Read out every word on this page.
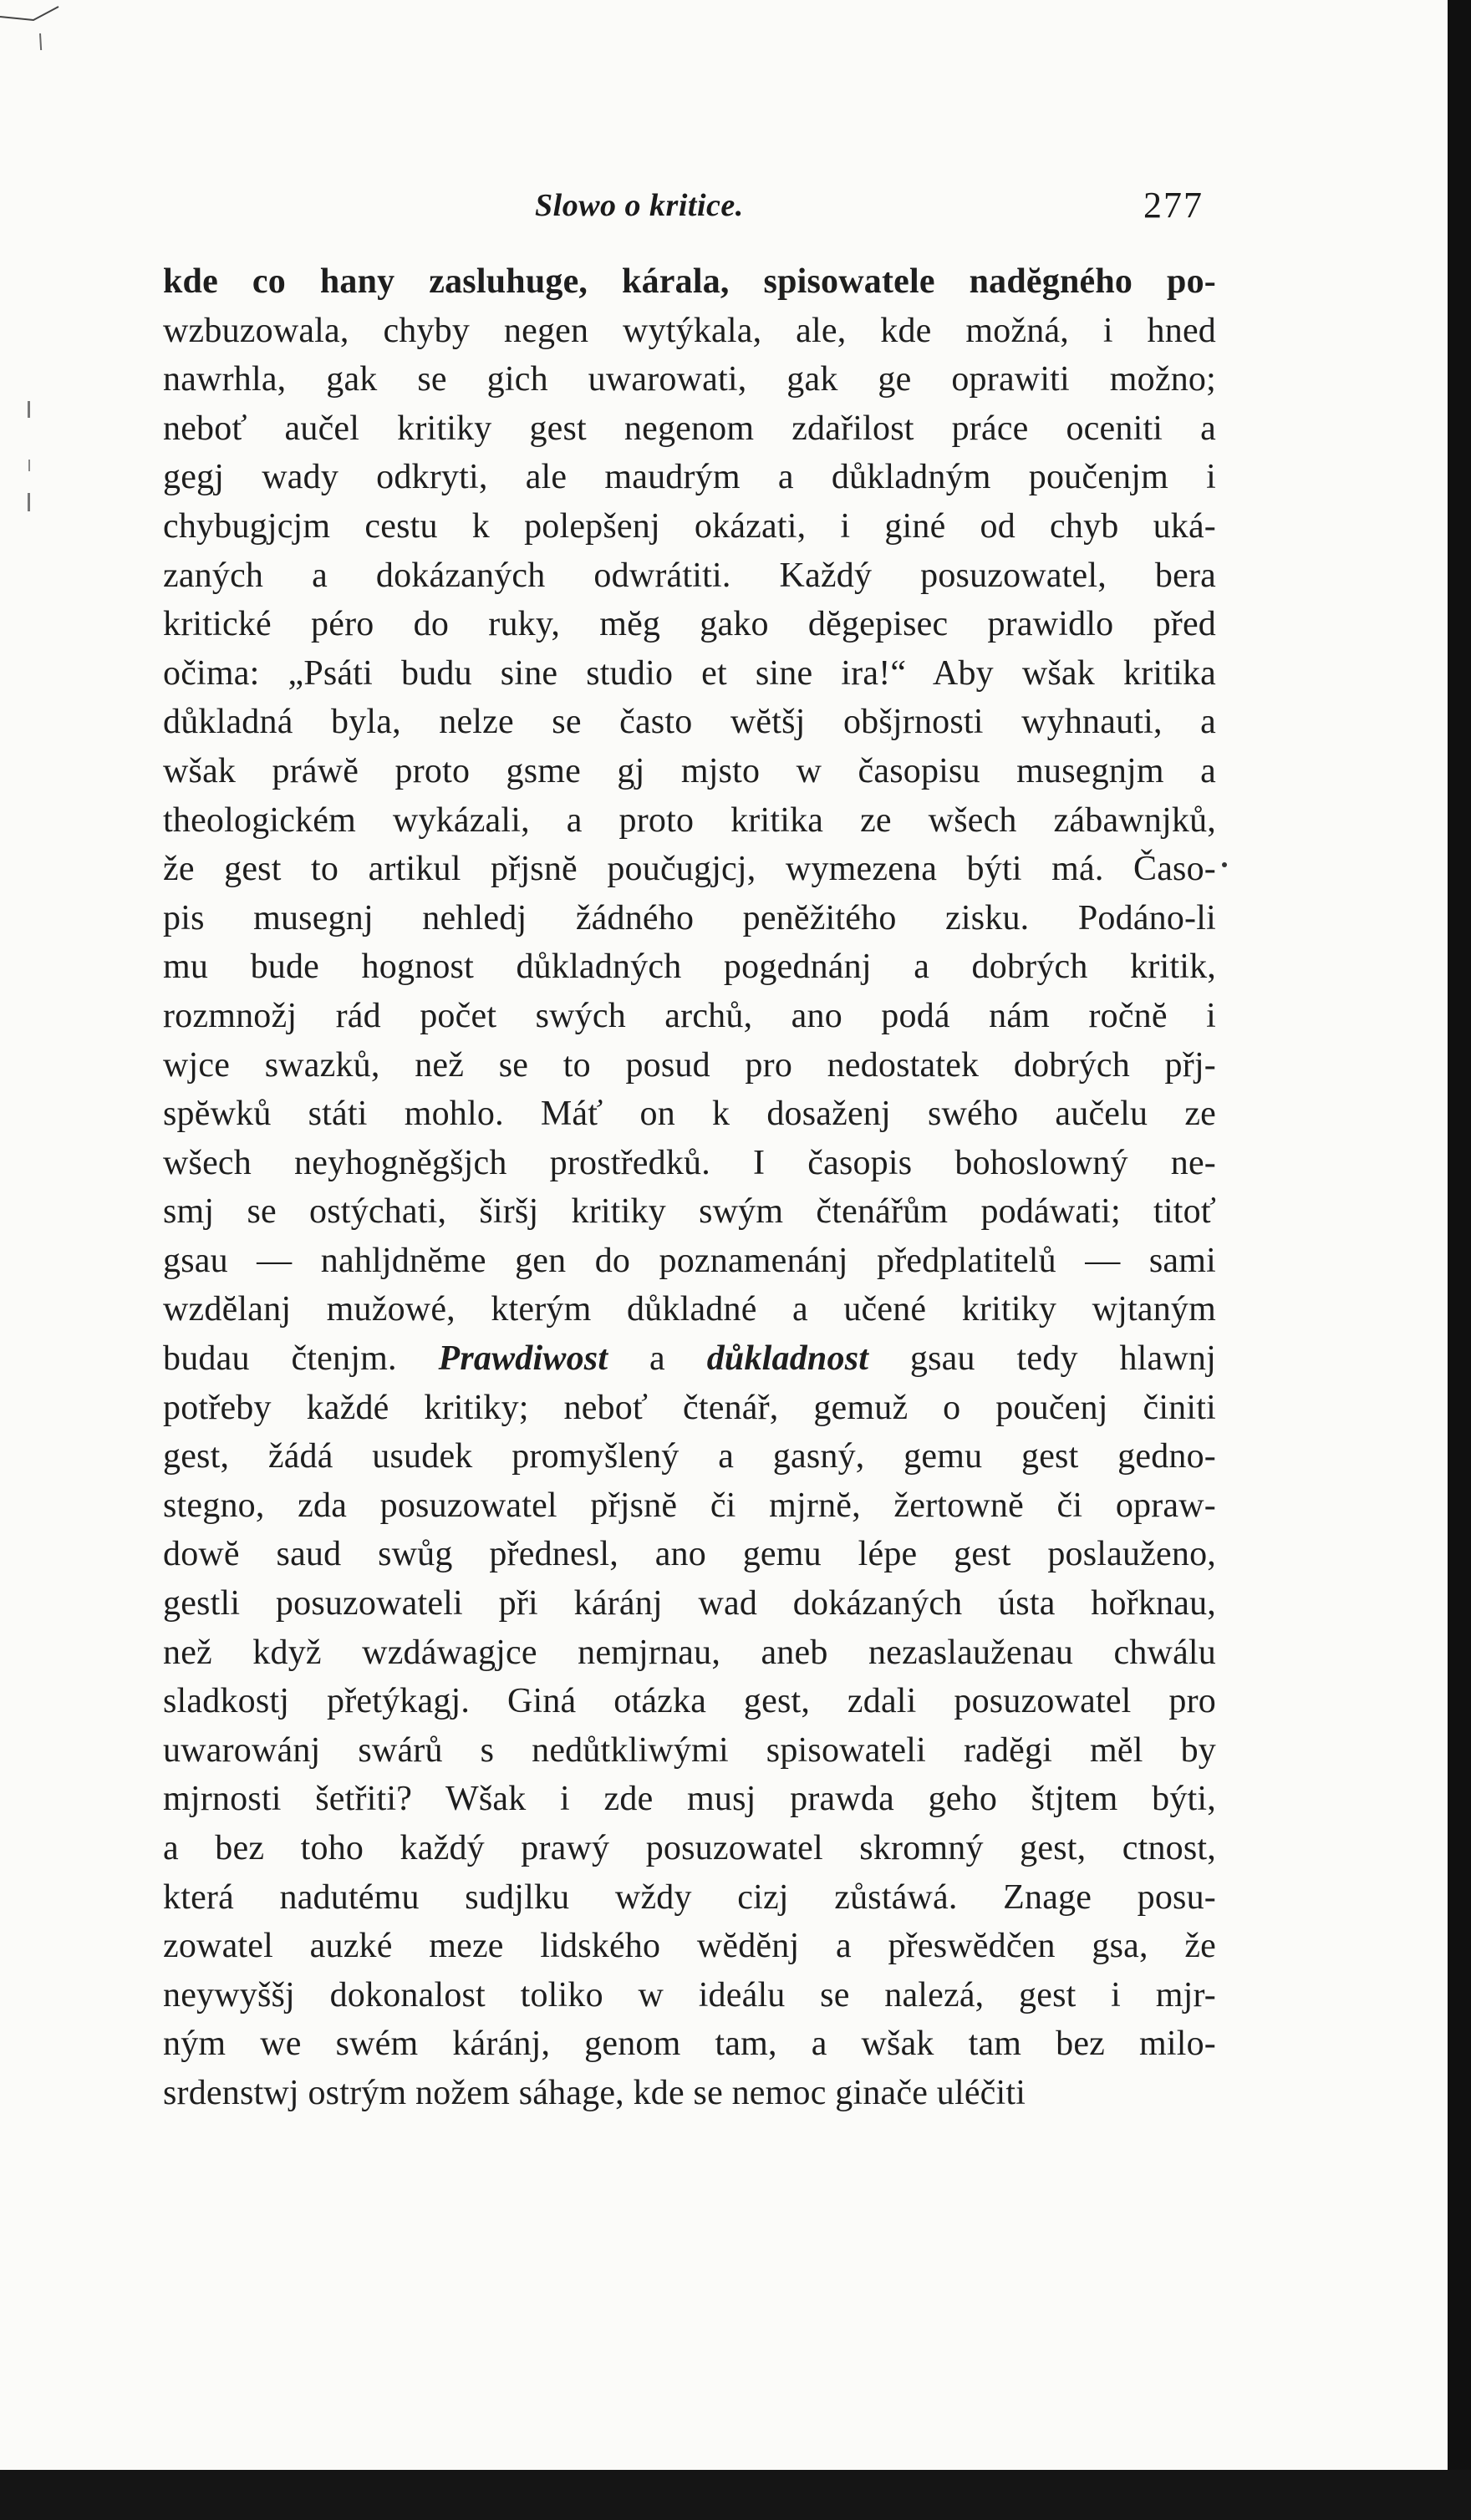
Slowo o kritice.	277
kde co hany zasluhuge, kárala, spisowatele nadĕgného po-
wzbuzowala, chyby negen wytýkala, ale, kde možná, i hned
nawrhla, gak se gich uwarowati, gak ge oprawiti možno;
neboť aučel kritiky gest negenom zdařilost práce oceniti a
gegj wady odkryti, ale maudrým a důkladným poučenjm i
chybugjcjm cestu k polepšenj okázati, i giné od chyb uká-
zaných a dokázaných odwrátiti. Každý posuzowatel, bera
kritické péro do ruky, mĕg gako dĕgepisec prawidlo před
očima: „Psáti budu sine studio et sine ira!“ Aby wšak kritika
důkladná byla, nelze se často wĕtšj obšjrnosti wyhnauti, a
wšak práwĕ proto gsme gj mjsto w časopisu musegnjm a
theologickém wykázali, a proto kritika ze wšech zábawnjků,
že gest to artikul přjsnĕ poučugjcj, wymezena býti má. Časo-
pis musegnj nehledj žádného penĕžitého zisku. Podáno-li
mu bude hognost důkladných pogednánj a dobrých kritik,
rozmnožj rád počet swých archů, ano podá nám ročnĕ i
wjce swazků, než se to posud pro nedostatek dobrých přj-
spĕwků státi mohlo. Máť on k dosaženj swého aučelu ze
wšech neyhogněgšjch prostředků. I časopis bohoslowný ne-
smj se ostýchati, širšj kritiky swým čtenářům podáwati; titoť
gsau — nahljdnĕme gen do poznamenánj předplatitelů — sami
wzdĕlanj mužowé, kterým důkladné a učené kritiky wjtaným
budau čtenjm. Prawdiwost a důkladnost gsau tedy hlawnj
potřeby každé kritiky; neboť čtenář, gemuž o poučenj činiti
gest, žádá usudek promyšlený a gasný, gemu gest gedno-
stegno, zda posuzowatel přjsnĕ či mjrnĕ, žertownĕ či opraw-
dowĕ saud swůg přednesl, ano gemu lépe gest poslauženo,
gestli posuzowateli při káránj wad dokázaných ústa hořknau,
než když wzdáwagjce nemjrnau, aneb nezaslauženau chwálu
sladkostj přetýkagj. Giná otázka gest, zdali posuzowatel pro
uwarowánj swárů s nedůtkliwými spisowateli radĕgi mĕl by
mjrnosti šetřiti? Wšak i zde musj prawda geho štjtem býti,
a bez toho každý prawý posuzowatel skromný gest, ctnost,
která nadutému sudjlku wždy cizj zůstáwá. Znage posu-
zowatel auzké meze lidského wĕdĕnj a přeswĕdčen gsa, že
neywyššj dokonalost toliko w ideálu se nalezá, gest i mjr-
ným we swém káránj, genom tam, a wšak tam bez milo-
srdenstwj ostrým nožem sáhage, kde se nemoc ginače uléčiti
